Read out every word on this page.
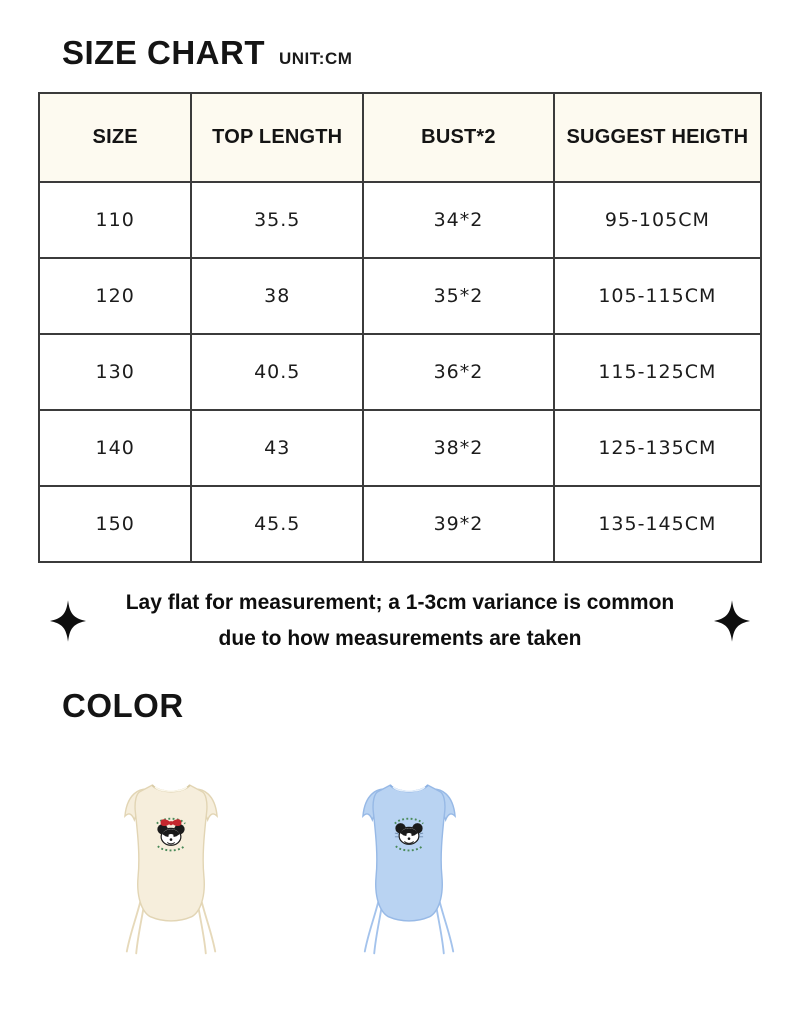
SIZE CHART UNIT:CM
SIZE	TOP LENGTH	BUST*2	SUGGEST HEIGTH
110	35.5	34*2	95-105CM
120	38	35*2	105-115CM
130	40.5	36*2	115-125CM
140	43	38*2	125-135CM
150	45.5	39*2	135-145CM
Lay flat for measurement; a 1-3cm variance is common
due to how measurements are taken
COLOR
